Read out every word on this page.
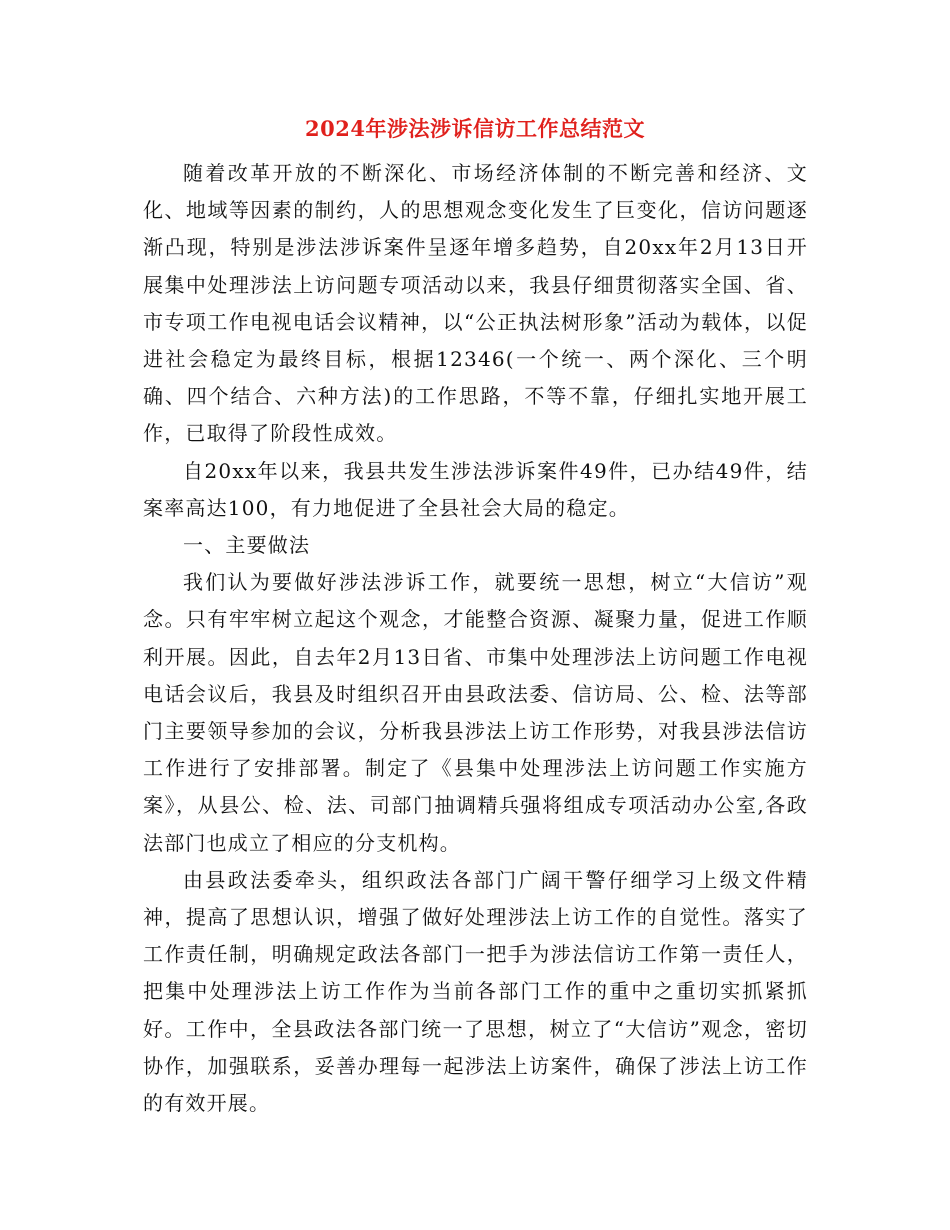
2024年涉法涉诉信访工作总结范文

随着改革开放的不断深化、市场经济体制的不断完善和经济、文化、地域等因素的制约，人的思想观念变化发生了巨变化，信访问题逐渐凸现，特别是涉法涉诉案件呈逐年增多趋势，自20xx年2月13日开展集中处理涉法上访问题专项活动以来，我县仔细贯彻落实全国、省、市专项工作电视电话会议精神，以“公正执法树形象”活动为载体，以促进社会稳定为最终目标，根据12346(一个统一、两个深化、三个明确、四个结合、六种方法)的工作思路，不等不靠，仔细扎实地开展工作，已取得了阶段性成效。

自20xx年以来，我县共发生涉法涉诉案件49件，已办结49件，结案率高达100，有力地促进了全县社会大局的稳定。

一、主要做法

我们认为要做好涉法涉诉工作，就要统一思想，树立“大信访”观念。只有牢牢树立起这个观念，才能整合资源、凝聚力量，促进工作顺利开展。因此，自去年2月13日省、市集中处理涉法上访问题工作电视电话会议后，我县及时组织召开由县政法委、信访局、公、检、法等部门主要领导参加的会议，分析我县涉法上访工作形势，对我县涉法信访工作进行了安排部署。制定了《县集中处理涉法上访问题工作实施方案》，从县公、检、法、司部门抽调精兵强将组成专项活动办公室,各政法部门也成立了相应的分支机构。

由县政法委牵头，组织政法各部门广阔干警仔细学习上级文件精神，提高了思想认识，增强了做好处理涉法上访工作的自觉性。落实了工作责任制，明确规定政法各部门一把手为涉法信访工作第一责任人，把集中处理涉法上访工作作为当前各部门工作的重中之重切实抓紧抓好。工作中，全县政法各部门统一了思想，树立了“大信访”观念，密切协作，加强联系，妥善办理每一起涉法上访案件，确保了涉法上访工作的有效开展。
